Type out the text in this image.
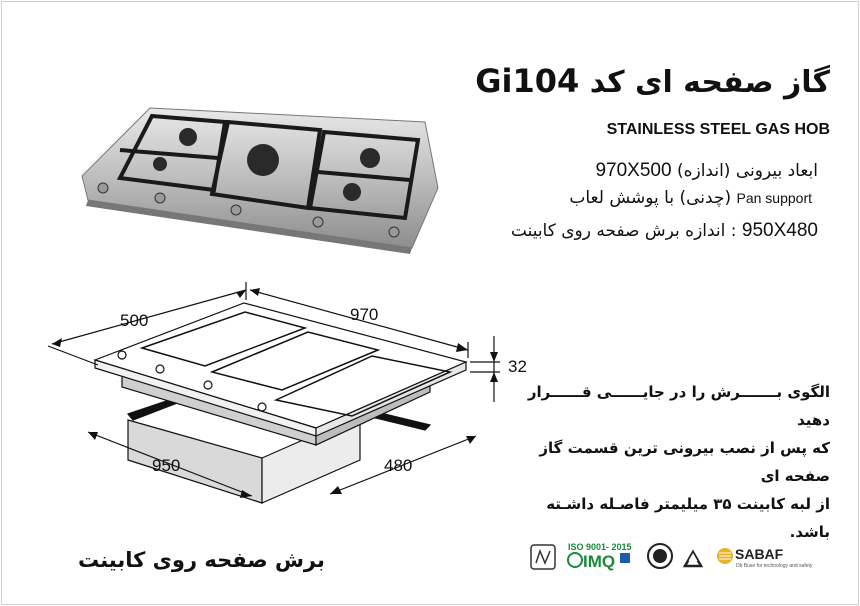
گاز صفحه ای کد Gi104
STAINLESS STEEL GAS HOB
ابعاد بیرونی (اندازه) 970X500
Pan support (چدنی) با پوشش لعاب
950X480 : اندازه برش صفحه روی کابینت
500	970
32
950	480
الگوی بـــــــرش را در جایــــــی قــــــرار دهید
که پس از نصب بیرونی ترین قسمت گاز صفحه ای
از لبه کابینت ۳۵ میلیمتر فاصـله داشـته باشد.
برش صفحه روی کابینت
ISO 9001- 2015
IMQ	SABAF
Db Buse for technology and safety
